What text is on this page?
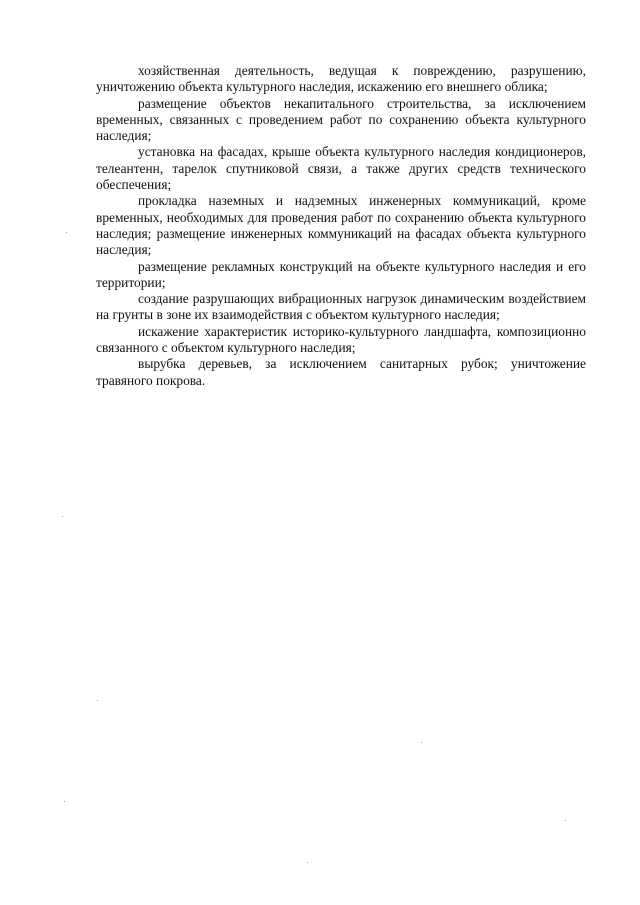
хозяйственная деятельность, ведущая к повреждению, разрушению, уничтожению объекта культурного наследия, искажению его внешнего облика;

размещение объектов некапитального строительства, за исключением временных, связанных с проведением работ по сохранению объекта культурного наследия;

установка на фасадах, крыше объекта культурного наследия кондиционеров, телеантенн, тарелок спутниковой связи, а также других средств технического обеспечения;

прокладка наземных и надземных инженерных коммуникаций, кроме временных, необходимых для проведения работ по сохранению объекта культурного наследия; размещение инженерных коммуникаций на фасадах объекта культурного наследия;

размещение рекламных конструкций на объекте культурного наследия и его территории;

создание разрушающих вибрационных нагрузок динамическим воздействием на грунты в зоне их взаимодействия с объектом культурного наследия;

искажение характеристик историко-культурного ландшафта, композиционно связанного с объектом культурного наследия;

вырубка деревьев, за исключением санитарных рубок; уничтожение травяного покрова.
